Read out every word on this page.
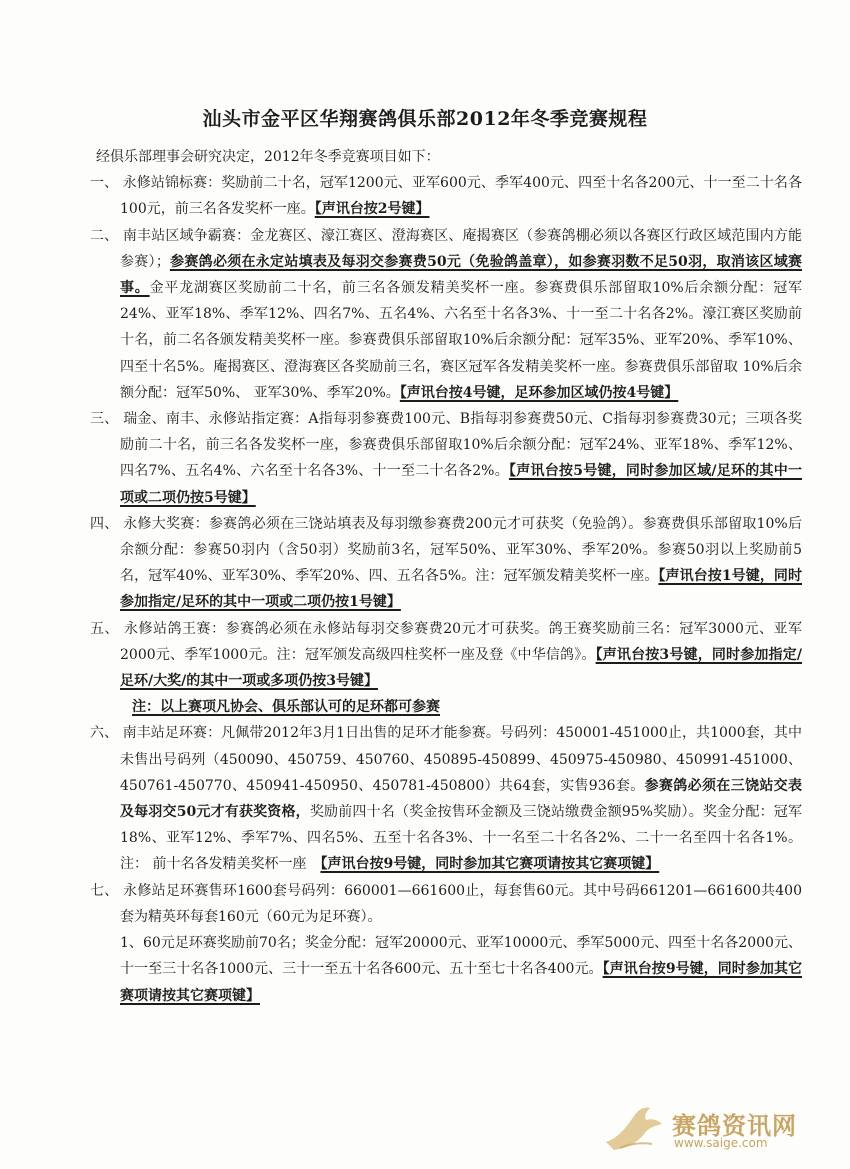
汕头市金平区华翔赛鸽俱乐部2012年冬季竞赛规程

经俱乐部理事会研究决定，2012年冬季竞赛项目如下：

一、 永修站锦标赛：奖励前二十名，冠军1200元、亚军600元、季军400元、四至十名各200元、十一至二十名各100元，前三名各发奖杯一座。【声讯台按2号键】

二、 南丰站区域争霸赛：金龙赛区、濠江赛区、澄海赛区、庵揭赛区（参赛鸽棚必须以各赛区行政区域范围内方能参赛）；参赛鸽必须在永定站填表及每羽交参赛费50元（免验鸽盖章），如参赛羽数不足50羽，取消该区域赛事。金平龙湖赛区奖励前二十名，前三名各颁发精美奖杯一座。参赛费俱乐部留取10%后余额分配：冠军24%、亚军18%、季军12%、四名7%、五名4%、六名至十名各3%、十一至二十名各2%。濠江赛区奖励前十名，前二名各颁发精美奖杯一座。参赛费俱乐部留取10%后余额分配：冠军35%、亚军20%、季军10%、四至十名5%。庵揭赛区、澄海赛区各奖励前三名，赛区冠军各发精美奖杯一座。参赛费俱乐部留取 10%后余额分配：冠军50%、 亚军30%、季军20%。【声讯台按4号键，足环参加区域仍按4号键】

三、 瑞金、南丰、永修站指定赛：A指每羽参赛费100元、B指每羽参赛费50元、C指每羽参赛费30元；三项各奖励前二十名，前三名各发奖杯一座，参赛费俱乐部留取10%后余额分配：冠军24%、亚军18%、季军12%、四名7%、五名4%、六名至十名各3%、十一至二十名各2%。【声讯台按5号键，同时参加区域/足环的其中一项或二项仍按5号键】

四、 永修大奖赛：参赛鸽必须在三饶站填表及每羽缴参赛费200元才可获奖（免验鸽）。参赛费俱乐部留取10%后余额分配：参赛50羽内（含50羽）奖励前3名，冠军50%、亚军30%、季军20%。参赛50羽以上奖励前5名，冠军40%、亚军30%、季军20%、四、五名各5%。注：冠军颁发精美奖杯一座。【声讯台按1号键，同时参加指定/足环的其中一项或二项仍按1号键】

五、 永修站鸽王赛：参赛鸽必须在永修站每羽交参赛费20元才可获奖。鸽王赛奖励前三名：冠军3000元、亚军2000元、季军1000元。注：冠军颁发高级四柱奖杯一座及登《中华信鸽》。【声讯台按3号键，同时参加指定/足环/大奖/的其中一项或多项仍按3号键】

注：以上赛项凡协会、俱乐部认可的足环都可参赛

六、 南丰站足环赛：凡佩带2012年3月1日出售的足环才能参赛。号码列：450001-451000止，共1000套，其中未售出号码列（450090、450759、450760、450895-450899、450975-450980、450991-451000、450761-450770、450941-450950、450781-450800）共64套，实售936套。参赛鸽必须在三饶站交表及每羽交50元才有获奖资格，奖励前四十名（奖金按售环金额及三饶站缴费金额95%奖励）。奖金分配：冠军18%、亚军12%、季军7%、四名5%、五至十名各3%、十一名至二十名各2%、二十一名至四十名各1%。 注： 前十名各发精美奖杯一座　 【声讯台按9号键，同时参加其它赛项请按其它赛项键】

七、 永修站足环赛售环1600套号码列：660001—661600止，每套售60元。其中号码661201—661600共400套为精英环每套160元（60元为足环赛）。

1、60元足环赛奖励前70名；奖金分配：冠军20000元、亚军10000元、季军5000元、四至十名各2000元、十一至三十名各1000元、三十一至五十名各600元、五十至七十名各400元。【声讯台按9号键，同时参加其它赛项请按其它赛项键】

赛鸽资讯网
www.saige.com
